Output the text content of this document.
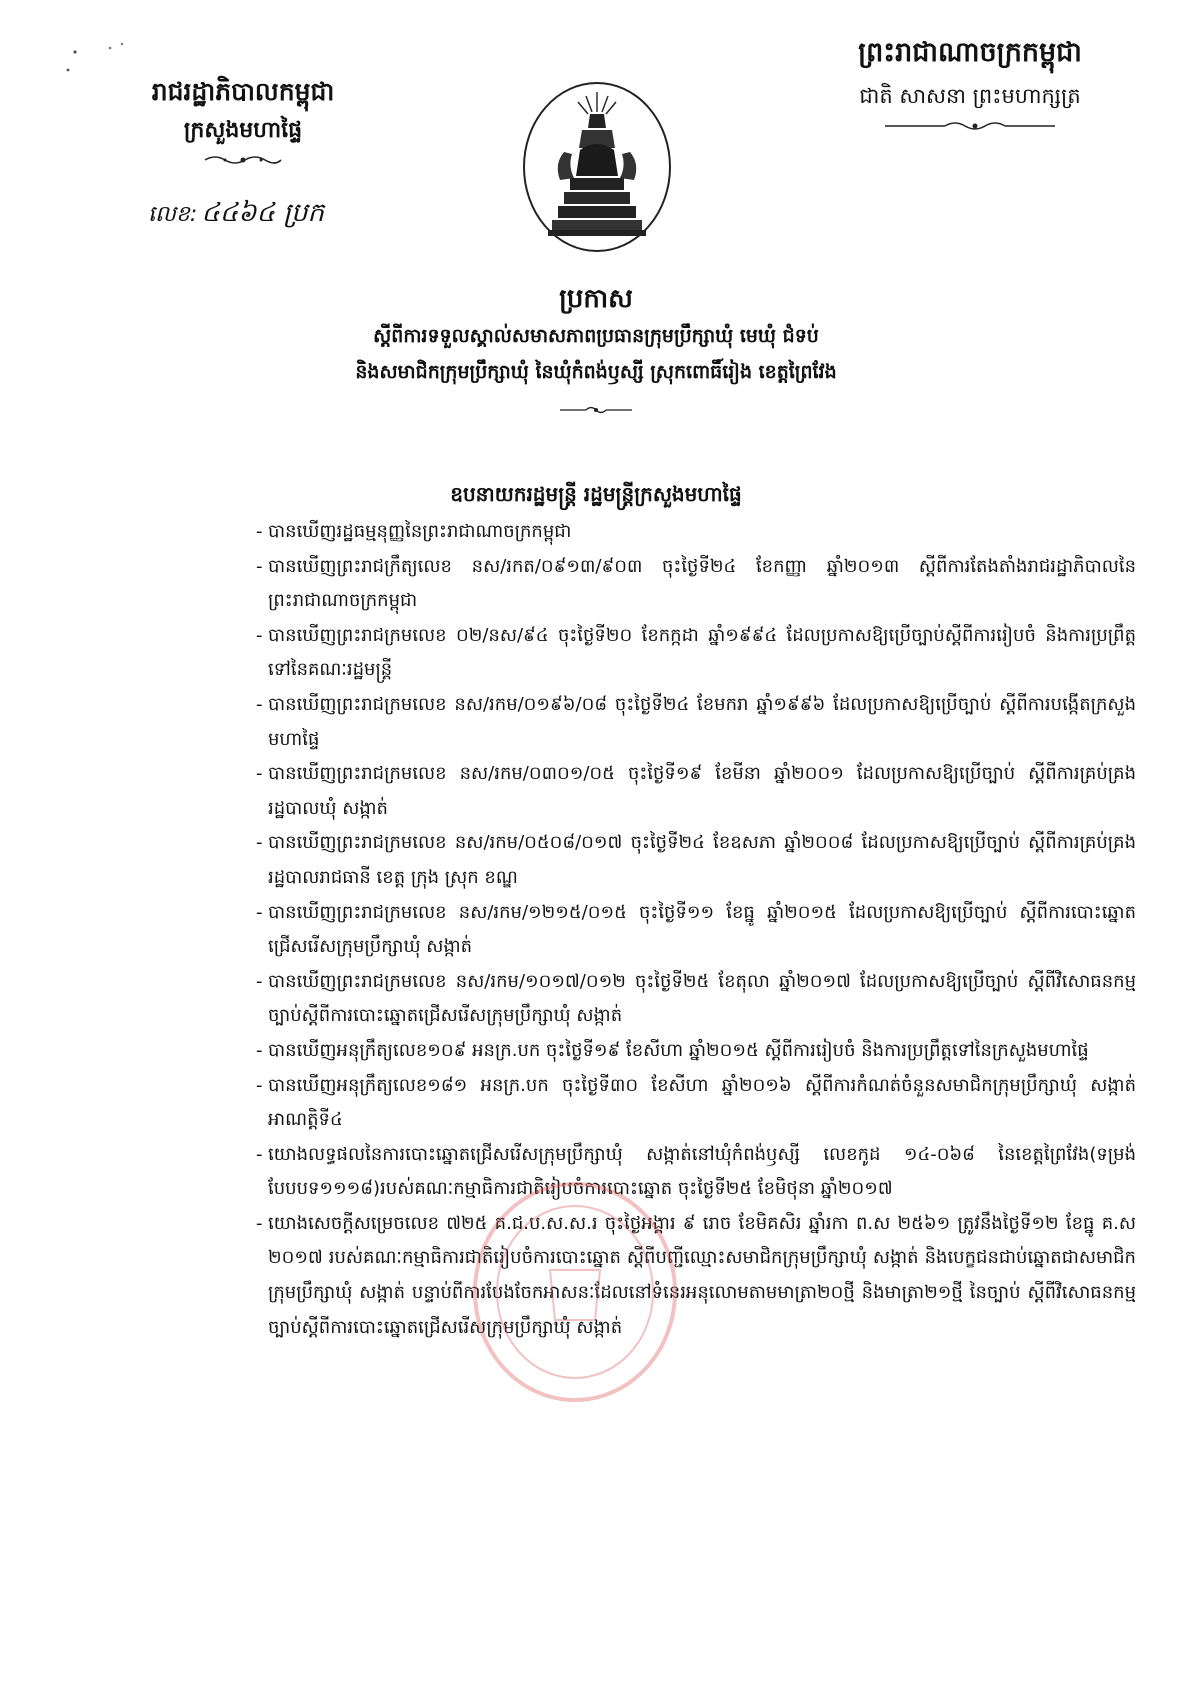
រាជរដ្ឋាភិបាលកម្ពុជា
ក្រសួងមហាផ្ទៃ
លេខ: ៤៤៦៤ ប្រក
ព្រះរាជាណាចក្រកម្ពុជា
ជាតិ សាសនា ព្រះមហាក្សត្រ
ប្រកាស
ស្តីពីការទទួលស្គាល់សមាសភាពប្រធានក្រុមប្រឹក្សាឃុំ មេឃុំ ជំទប់
និងសមាជិកក្រុមប្រឹក្សាឃុំ នៃឃុំកំពង់ឫស្សី ស្រុកពោធិ៍រៀង ខេត្តព្រៃវែង
ឧបនាយករដ្ឋមន្ត្រី រដ្ឋមន្ត្រីក្រសួងមហាផ្ទៃ
- បានឃើញរដ្ឋធម្មនុញ្ញនៃព្រះរាជាណាចក្រកម្ពុជា
- បានឃើញព្រះរាជក្រឹត្យលេខ នស/រកត/០៩១៣/៩០៣ ចុះថ្ងៃទី២៤ ខែកញ្ញា ឆ្នាំ២០១៣ ស្តីពីការតែងតាំងរាជរដ្ឋាភិបាលនៃព្រះរាជាណាចក្រកម្ពុជា
- បានឃើញព្រះរាជក្រមលេខ ០២/នស/៩៤ ចុះថ្ងៃទី២០ ខែកក្កដា ឆ្នាំ១៩៩៤ ដែលប្រកាសឱ្យប្រើច្បាប់ស្តីពីការរៀបចំ និងការប្រព្រឹត្តទៅនៃគណៈរដ្ឋមន្ត្រី
- បានឃើញព្រះរាជក្រមលេខ នស/រកម/០១៩៦/០៨ ចុះថ្ងៃទី២៤ ខែមករា ឆ្នាំ១៩៩៦ ដែលប្រកាសឱ្យប្រើច្បាប់ ស្តីពីការបង្កើតក្រសួងមហាផ្ទៃ
- បានឃើញព្រះរាជក្រមលេខ នស/រកម/០៣០១/០៥ ចុះថ្ងៃទី១៩ ខែមីនា ឆ្នាំ២០០១ ដែលប្រកាសឱ្យប្រើច្បាប់ ស្តីពីការគ្រប់គ្រងរដ្ឋបាលឃុំ សង្កាត់
- បានឃើញព្រះរាជក្រមលេខ នស/រកម/០៥០៨/០១៧ ចុះថ្ងៃទី២៤ ខែឧសភា ឆ្នាំ២០០៨ ដែលប្រកាសឱ្យប្រើច្បាប់ ស្តីពីការគ្រប់គ្រងរដ្ឋបាលរាជធានី ខេត្ត ក្រុង ស្រុក ខណ្ឌ
- បានឃើញព្រះរាជក្រមលេខ នស/រកម/១២១៥/០១៥ ចុះថ្ងៃទី១១ ខែធ្នូ ឆ្នាំ២០១៥ ដែលប្រកាសឱ្យប្រើច្បាប់ ស្តីពីការបោះឆ្នោតជ្រើសរើសក្រុមប្រឹក្សាឃុំ សង្កាត់
- បានឃើញព្រះរាជក្រមលេខ នស/រកម/១០១៧/០១២ ចុះថ្ងៃទី២៥ ខែតុលា ឆ្នាំ២០១៧ ដែលប្រកាសឱ្យប្រើច្បាប់ ស្តីពីវិសោធនកម្មច្បាប់ស្តីពីការបោះឆ្នោតជ្រើសរើសក្រុមប្រឹក្សាឃុំ សង្កាត់
- បានឃើញអនុក្រឹត្យលេខ១០៩ អនក្រ.បក ចុះថ្ងៃទី១៩ ខែសីហា ឆ្នាំ២០១៥ ស្តីពីការរៀបចំ និងការប្រព្រឹត្តទៅនៃក្រសួងមហាផ្ទៃ
- បានឃើញអនុក្រឹត្យលេខ១៨១ អនក្រ.បក ចុះថ្ងៃទី៣០ ខែសីហា ឆ្នាំ២០១៦ ស្តីពីការកំណត់ចំនួនសមាជិកក្រុមប្រឹក្សាឃុំ សង្កាត់អាណត្តិទី៤
- យោងលទ្ធផលនៃការបោះឆ្នោតជ្រើសរើសក្រុមប្រឹក្សាឃុំ សង្កាត់នៅឃុំកំពង់ឫស្សី លេខកូដ ១៤-០៦៨ នៃខេត្តព្រៃវែង(ទម្រង់បែបបទ១១១៨)របស់គណៈកម្មាធិការជាតិរៀបចំការបោះឆ្នោត ចុះថ្ងៃទី២៥ ខែមិថុនា ឆ្នាំ២០១៧
- យោងសេចក្តីសម្រេចលេខ ៧២៥ គ.ជ.ប.ស.ស.រ ចុះថ្ងៃអង្គារ ៩ រោច ខែមិគសិរ ឆ្នាំរកា ព.ស ២៥៦១ ត្រូវនឹងថ្ងៃទី១២ ខែធ្នូ គ.ស ២០១៧ របស់គណៈកម្មាធិការជាតិរៀបចំការបោះឆ្នោត ស្តីពីបញ្ជីឈ្មោះសមាជិកក្រុមប្រឹក្សាឃុំ សង្កាត់ និងបេក្ខជនជាប់ឆ្នោតជាសមាជិកក្រុមប្រឹក្សាឃុំ សង្កាត់ បន្ទាប់ពីការបែងចែកអាសនៈដែលនៅទំនេរអនុលោមតាមមាត្រា២០ថ្មី និងមាត្រា២១ថ្មី នៃច្បាប់ ស្តីពីវិសោធនកម្មច្បាប់ស្តីពីការបោះឆ្នោតជ្រើសរើសក្រុមប្រឹក្សាឃុំ សង្កាត់
